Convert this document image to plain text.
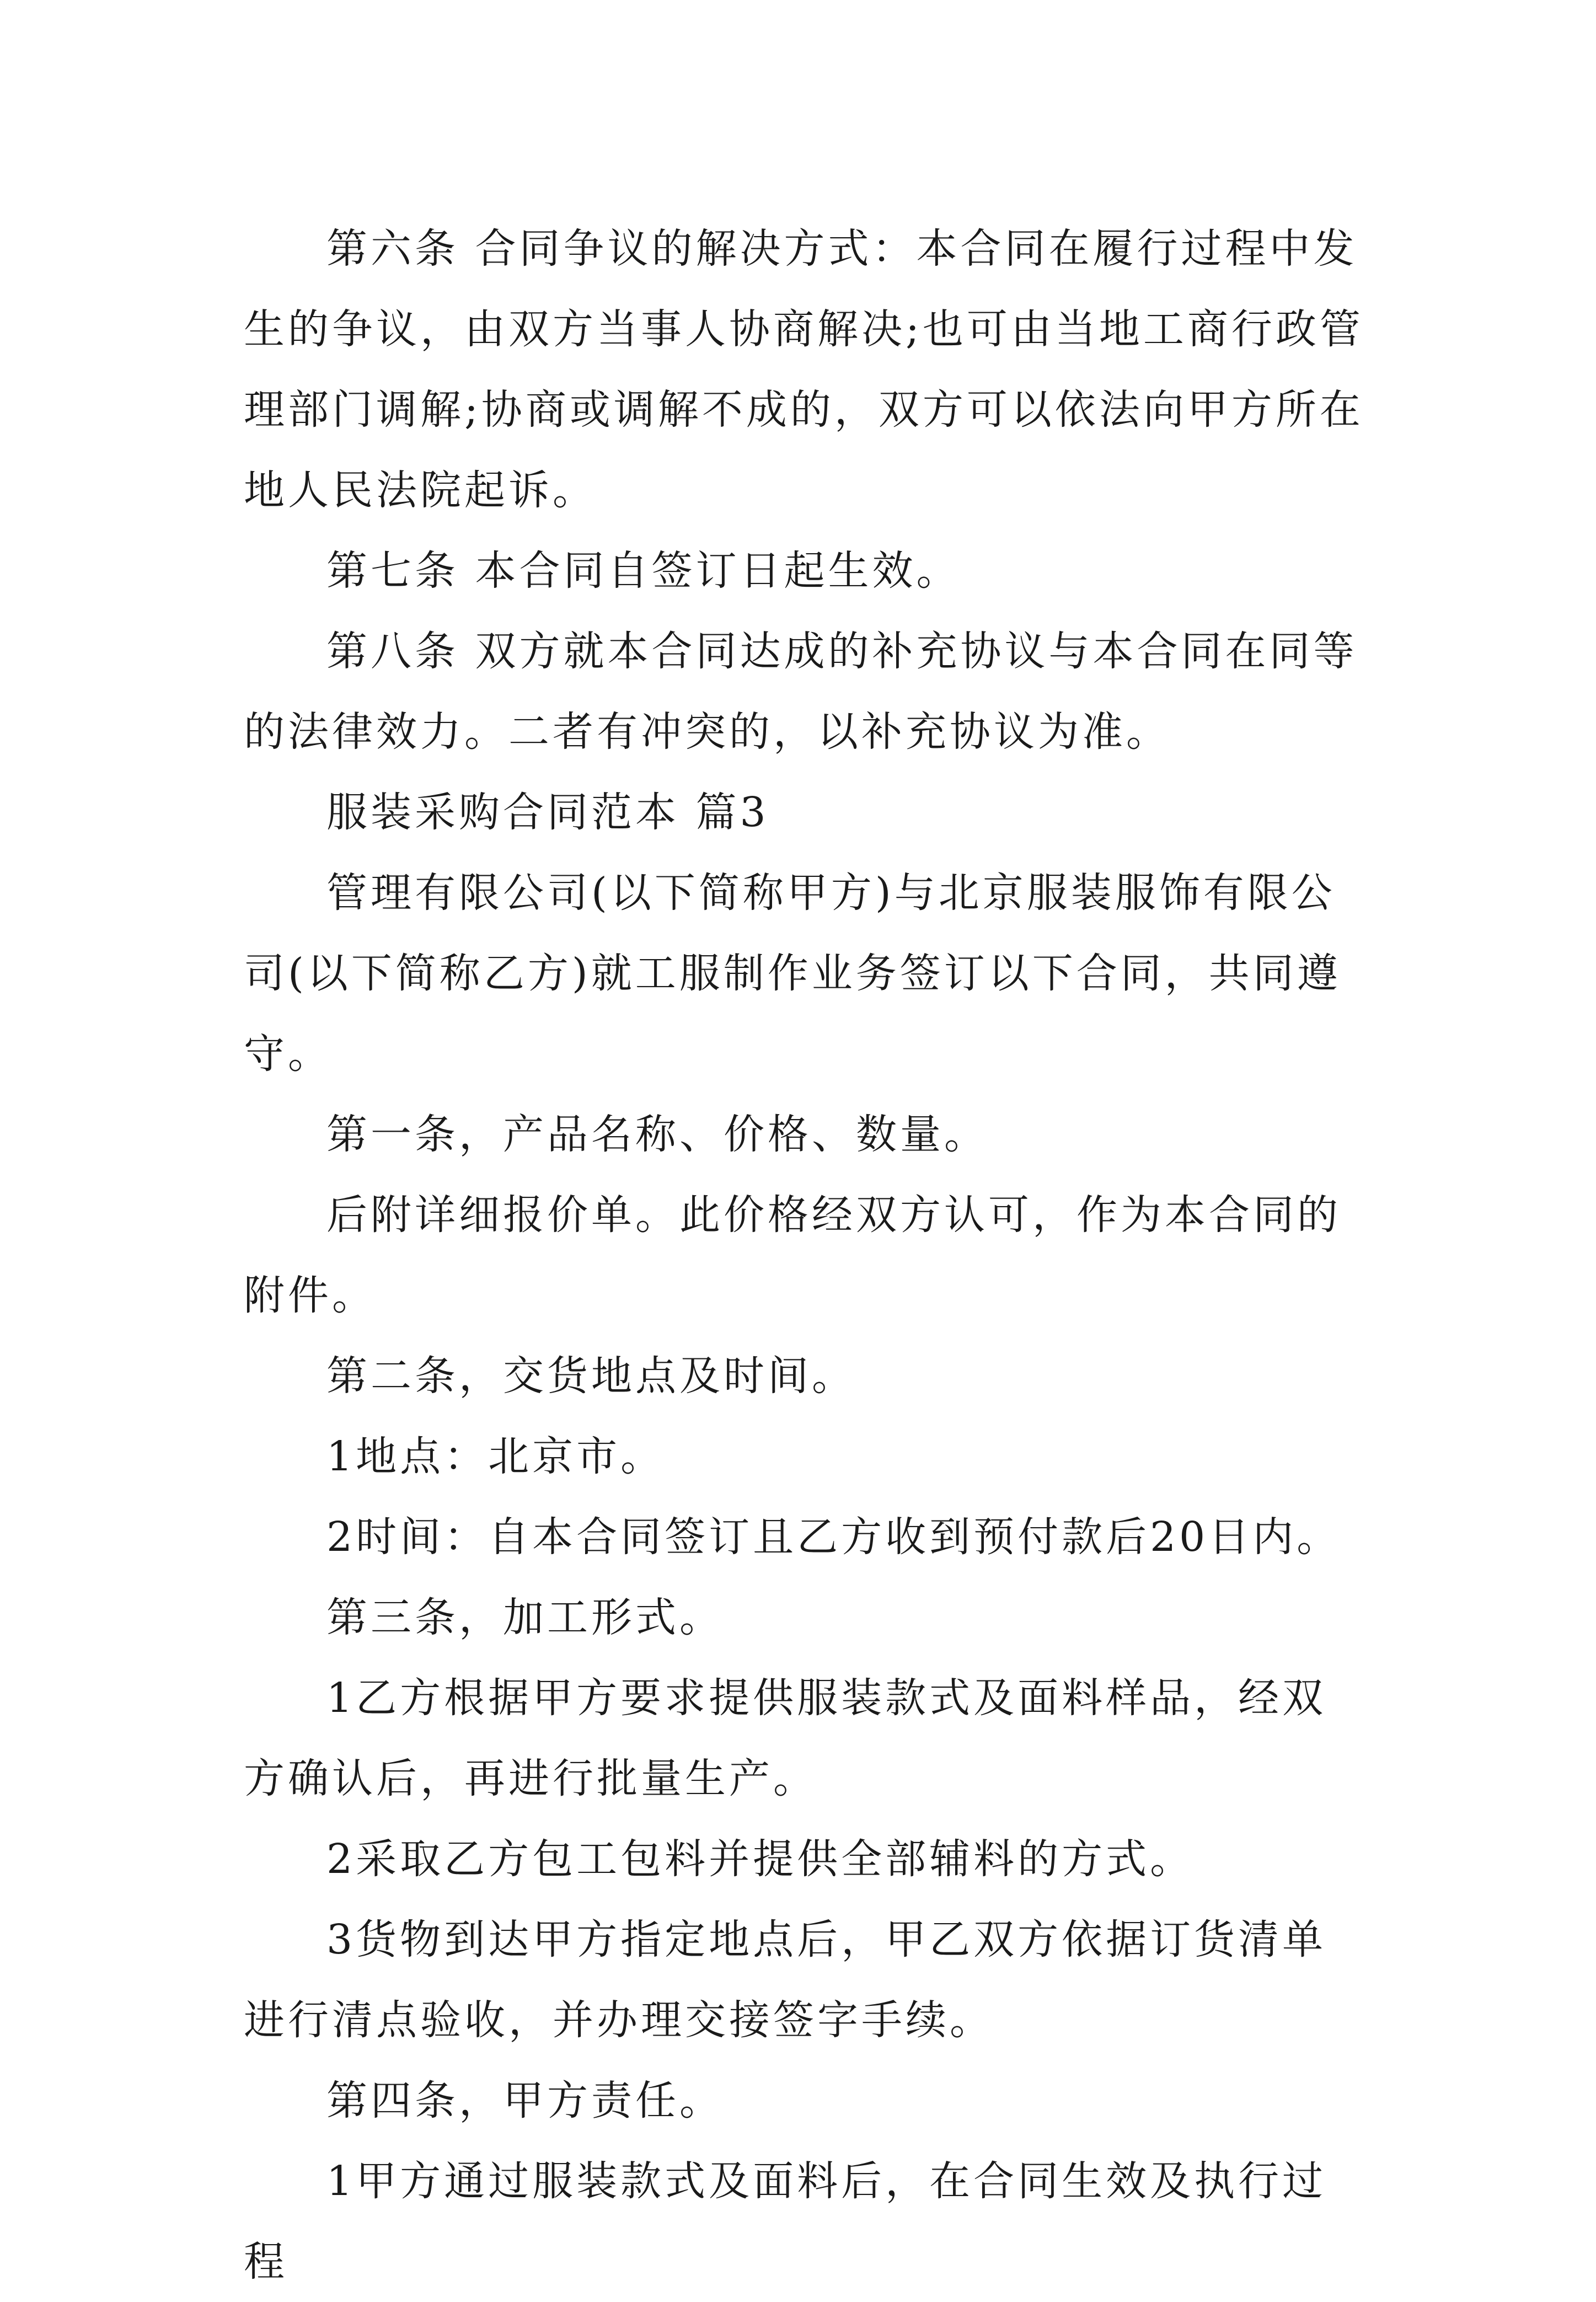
第六条 合同争议的解决方式：本合同在履行过程中发生的争议，由双方当事人协商解决;也可由当地工商行政管理部门调解;协商或调解不成的，双方可以依法向甲方所在地人民法院起诉。

第七条 本合同自签订日起生效。

第八条 双方就本合同达成的补充协议与本合同在同等的法律效力。二者有冲突的，以补充协议为准。

服装采购合同范本 篇3

管理有限公司(以下简称甲方)与北京服装服饰有限公司(以下简称乙方)就工服制作业务签订以下合同，共同遵守。

第一条，产品名称、价格、数量。

后附详细报价单。此价格经双方认可，作为本合同的附件。

第二条，交货地点及时间。

1地点：北京市。

2时间：自本合同签订且乙方收到预付款后20日内。

第三条，加工形式。

1乙方根据甲方要求提供服装款式及面料样品，经双方确认后，再进行批量生产。

2采取乙方包工包料并提供全部辅料的方式。

3货物到达甲方指定地点后，甲乙双方依据订货清单进行清点验收，并办理交接签字手续。

第四条，甲方责任。

1甲方通过服装款式及面料后，在合同生效及执行过程
